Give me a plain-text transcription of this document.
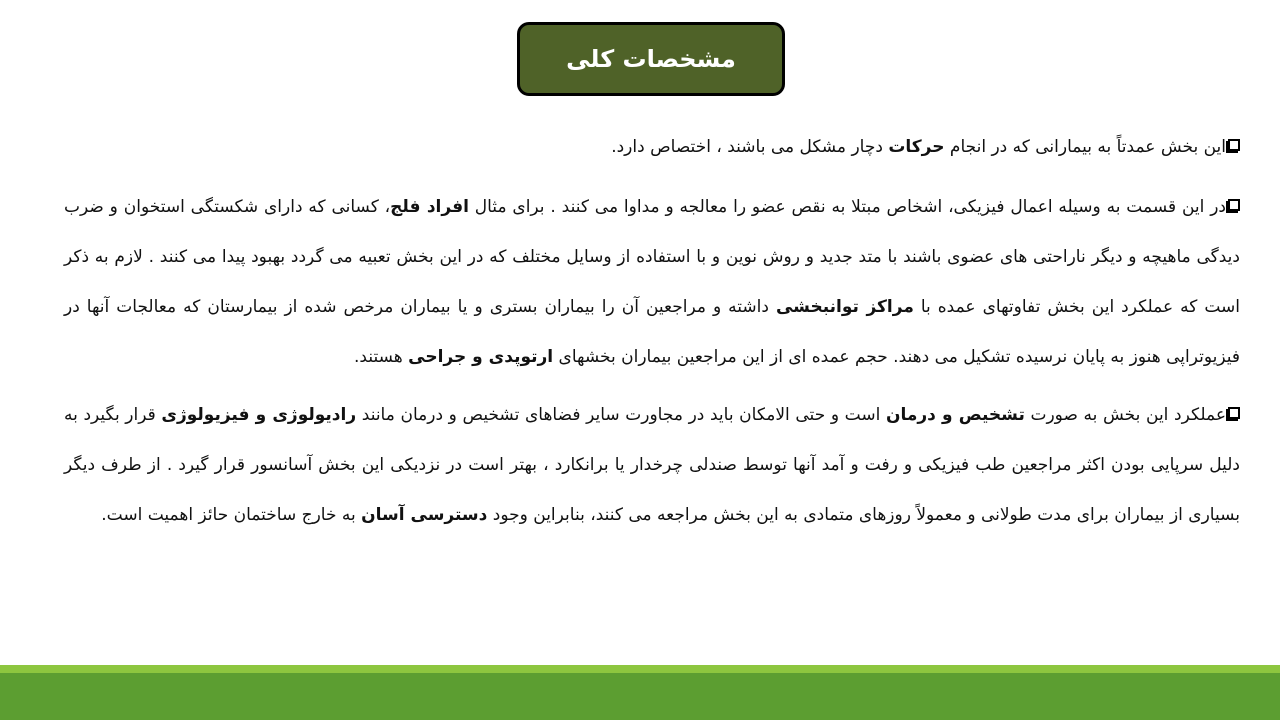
مشخصات کلی

این بخش عمدتاً به بیمارانی که در انجام حرکات دچار مشکل می باشند ، اختصاص دارد.

در این قسمت به وسیله اعمال فیزیکی، اشخاص مبتلا به نقص عضو را معالجه و مداوا می کنند . برای مثال افراد فلج، کسانی که دارای شکستگی استخوان و ضرب دیدگی ماهیچه و دیگر ناراحتی های عضوی باشند با متد جدید و روش نوین و با استفاده از وسایل مختلف که در این بخش تعبیه می گردد بهبود پیدا می کنند . لازم به ذکر است که عملکرد این بخش تفاوتهای عمده با مراکز توانبخشی داشته و مراجعین آن را بیماران بستری و یا بیماران مرخص شده از بیمارستان که معالجات آنها در فیزیوتراپی هنوز به پایان نرسیده تشکیل می دهند. حجم عمده ای از این مراجعین بیماران بخشهای ارتوپدی و جراحی هستند.

عملکرد این بخش به صورت تشخیص و درمان است و حتی الامکان باید در مجاورت سایر فضاهای تشخیص و درمان مانند رادیولوژی و فیزیولوژی قرار بگیرد به دلیل سرپایی بودن اکثر مراجعین طب فیزیکی و رفت و آمد آنها توسط صندلی چرخدار یا برانکارد ، بهتر است در نزدیکی این بخش آسانسور قرار گیرد . از طرف دیگر بسیاری از بیماران برای مدت طولانی و معمولاً روزهای متمادی به این بخش مراجعه می کنند، بنابراین وجود دسترسی آسان به خارج ساختمان حائز اهمیت است.
